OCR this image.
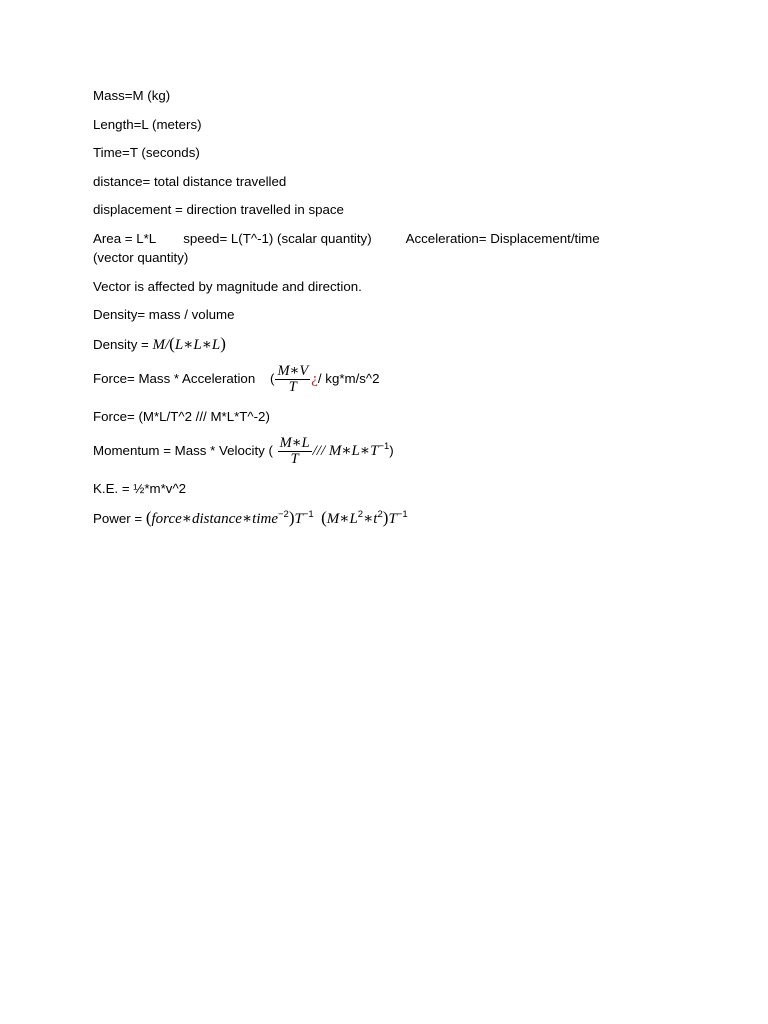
Mass=M (kg)

Length=L (meters)

Time=T (seconds)

distance= total distance travelled

displacement = direction travelled in space

Area = L*L speed= L(T^-1) (scalar quantity)	Acceleration= Displacement/time
(vector quantity)

Vector is affected by magnitude and direction.

Density= mass / volume

Density = M/(L∗L∗L)

Force= Mass * Acceleration ( $\frac{M∗V}{T}$ ¿/ kg*m/s^2

Force= (M*L/T^2 /// M*L*T^-2)

Momentum = Mass * Velocity ( $\frac{M∗L}{T}$ /// $M∗L∗T^{-1}$)

K.E. = ½*m*v^2

Power = $(force∗distance∗time^{-2})T^{-1}$ $(M∗L^2∗t^2)T^{-1}$
